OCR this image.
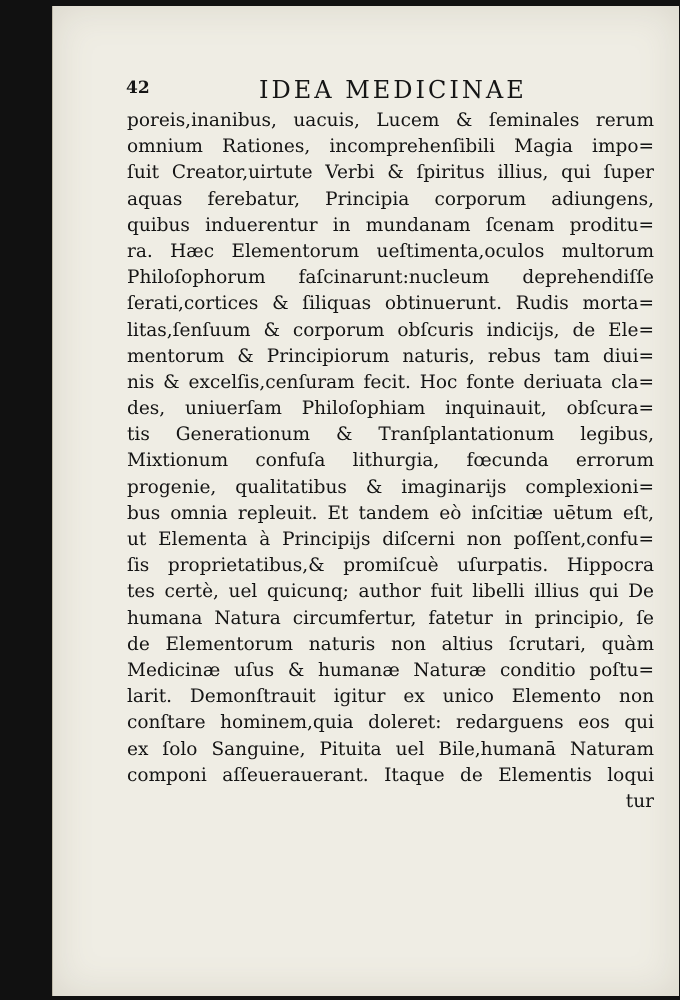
42	IDEA MEDICINAE
poreis,inanibus, uacuis, Lucem & ſeminales rerum
omnium Rationes, incomprehenſibili Magia impo=
ſuit Creator,uirtute Verbi & ſpiritus illius, qui ſuper
aquas ferebatur, Principia corporum adiungens,
quibus induerentur in mundanam ſcenam proditu=
ra. Hæc Elementorum ueſtimenta,oculos multorum
Philoſophorum faſcinarunt:nucleum deprehendiſſe
ſerati,cortices & ſiliquas obtinuerunt. Rudis morta=
litas,ſenſuum & corporum obſcuris indicijs, de Ele=
mentorum & Principiorum naturis, rebus tam diui=
nis & excelſis,cenſuram fecit. Hoc fonte deriuata cla=
des, uniuerſam Philoſophiam inquinauit, obſcura=
tis Generationum & Tranſplantationum legibus,
Mixtionum confuſa lithurgia, fœcunda errorum
progenie, qualitatibus & imaginarijs complexioni=
bus omnia repleuit. Et tandem eò inſcitiæ uētum eſt,
ut Elementa à Principijs diſcerni non poſſent,confu=
ſis proprietatibus,& promiſcuè uſurpatis. Hippocra
tes certè, uel quicunq; author fuit libelli illius qui De
humana Natura circumfertur, fatetur in principio, ſe
de Elementorum naturis non altius ſcrutari, quàm
Medicinæ uſus & humanæ Naturæ conditio poſtu=
larit. Demonſtrauit igitur ex unico Elemento non
conſtare hominem,quia doleret: redarguens eos qui
ex ſolo Sanguine, Pituita uel Bile,humanā Naturam
componi aſſeuerauerant. Itaque de Elementis loqui
tur
